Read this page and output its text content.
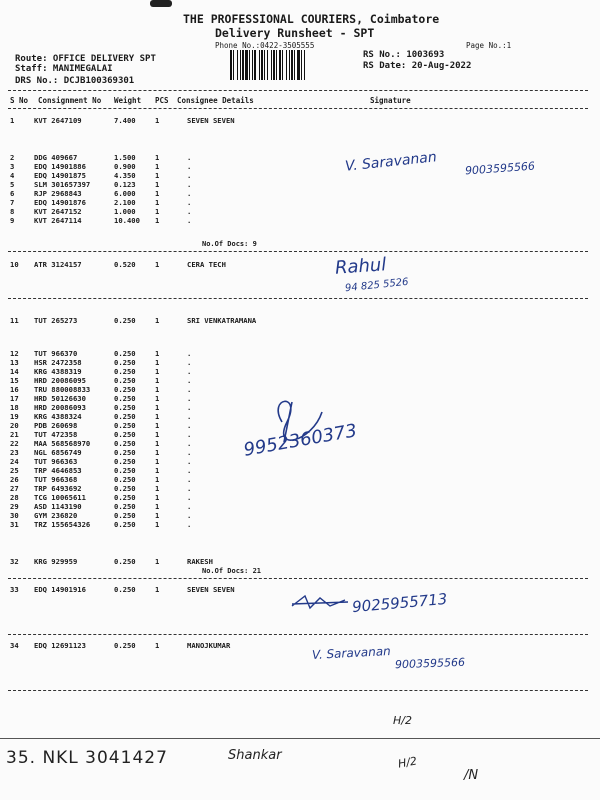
THE PROFESSIONAL COURIERS, Coimbatore
Delivery Runsheet - SPT
Phone No.:0422-3505555	Page No.:1
Route: OFFICE DELIVERY SPT
Staff: MANIMEGALAI
DRS No.: DCJB100369301
RS No.: 1003693
RS Date: 20-Aug-2022
S No Consignment No Weight PCS Consignee Details	Signature
1	KVT 2647109	7.400	1	SEVEN SEVEN
2	DDG 409667	1.500	1	.
3	EDQ 14901886	0.900	1	.
4	EDQ 14901875	4.350	1	.
5	SLM 301657397	0.123	1	.
6	RJP 2968843	6.000	1	.
7	EDQ 14901876	2.100	1	.
8	KVT 2647152	1.000	1	.
9	KVT 2647114	10.400 1	.
10 ATR 3124157	0.520	1	CERA TECH
11 TUT 265273	0.250	1	SRI VENKATRAMANA
12 TUT 966370	0.250	1	.
13 HSR 2472358	0.250	1	.
14 KRG 4388319	0.250	1	.
15 HRD 20086095	0.250	1	.
16 TRU 880008833	0.250	1	.
17 HRD 50126630	0.250	1	.
18 HRD 20086093	0.250	1	.
19 KRG 4388324	0.250	1	.
20 PDB 260698	0.250	1	.
21 TUT 472358	0.250	1	.
22 MAA 568568970	0.250	1	.
23 NGL 6856749	0.250	1	.
24 TUT 966363	0.250	1	.
25 TRP 4646853	0.250	1	.
26 TUT 966368	0.250	1	.
27 TRP 6493692	0.250	1	.
28 TCG 10065611	0.250	1	.
29 ASD 1143190	0.250	1	.
30 GYM 236820	0.250	1	.
31 TRZ 155654326	0.250	1	.
32 KRG 929959	0.250	1	RAKESH
33 EDQ 14901916	0.250	1	SEVEN SEVEN
34 EDQ 12691123	0.250	1	MANOJKUMAR
No.Of Docs: 9
No.Of Docs: 21
V. Saravanan 9003595566
Rahul
94 825 5526
9952360373
9025955713
V. Saravanan
9003595566
H/2
H/2
/N
35. NKL 3041427	Shankar
